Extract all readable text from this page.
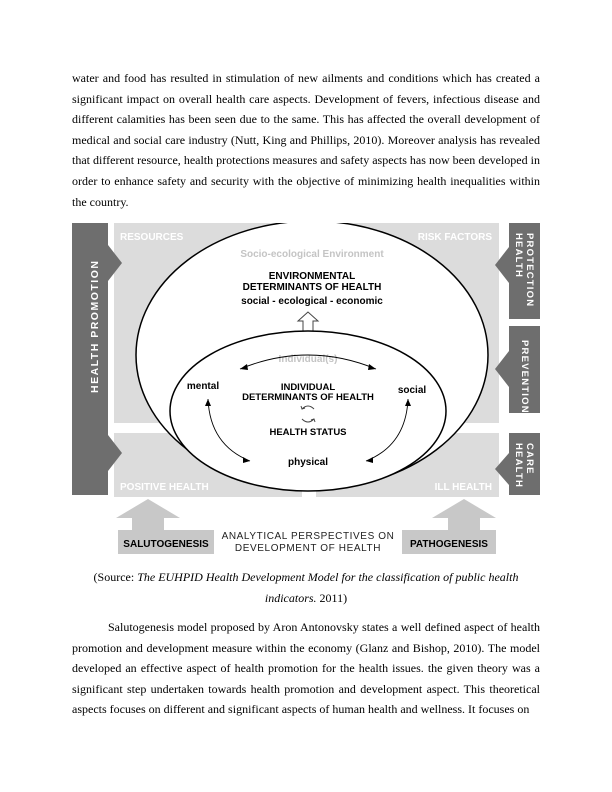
water and food has resulted in stimulation of new ailments and conditions which has created a significant impact on overall health care aspects. Development of fevers, infectious disease and different calamities has been seen due to the same. This has affected the overall development of medical and social care industry (Nutt, King and Phillips, 2010). Moreover analysis has revealed that different resource, health protections measures and safety aspects has now been developed in order to enhance safety and security with the objective of minimizing health inequalities within the country.

HEALTH PROMOTION
HEALTH PROTECTION
PREVENTION
HEALTH CARE
RESOURCES	RISK FACTORS
POSITIVE HEALTH	ILL HEALTH
Socio-ecological Environment
ENVIRONMENTAL
DETERMINANTS OF HEALTH
social - ecological - economic
Individual(s)
mental	social
INDIVIDUAL
DETERMINANTS OF HEALTH
HEALTH STATUS
physical
SALUTOGENESIS	PATHOGENESIS
ANALYTICAL PERSPECTIVES ON
DEVELOPMENT OF HEALTH

(Source: The EUHPID Health Development Model for the classification of public health indicators. 2011)

Salutogenesis model proposed by Aron Antonovsky states a well defined aspect of health promotion and development measure within the economy (Glanz and Bishop, 2010). The model developed an effective aspect of health promotion for the health issues. the given theory was a significant step undertaken towards health promotion and development aspect. This theoretical aspects focuses on different and significant aspects of human health and wellness. It focuses on
